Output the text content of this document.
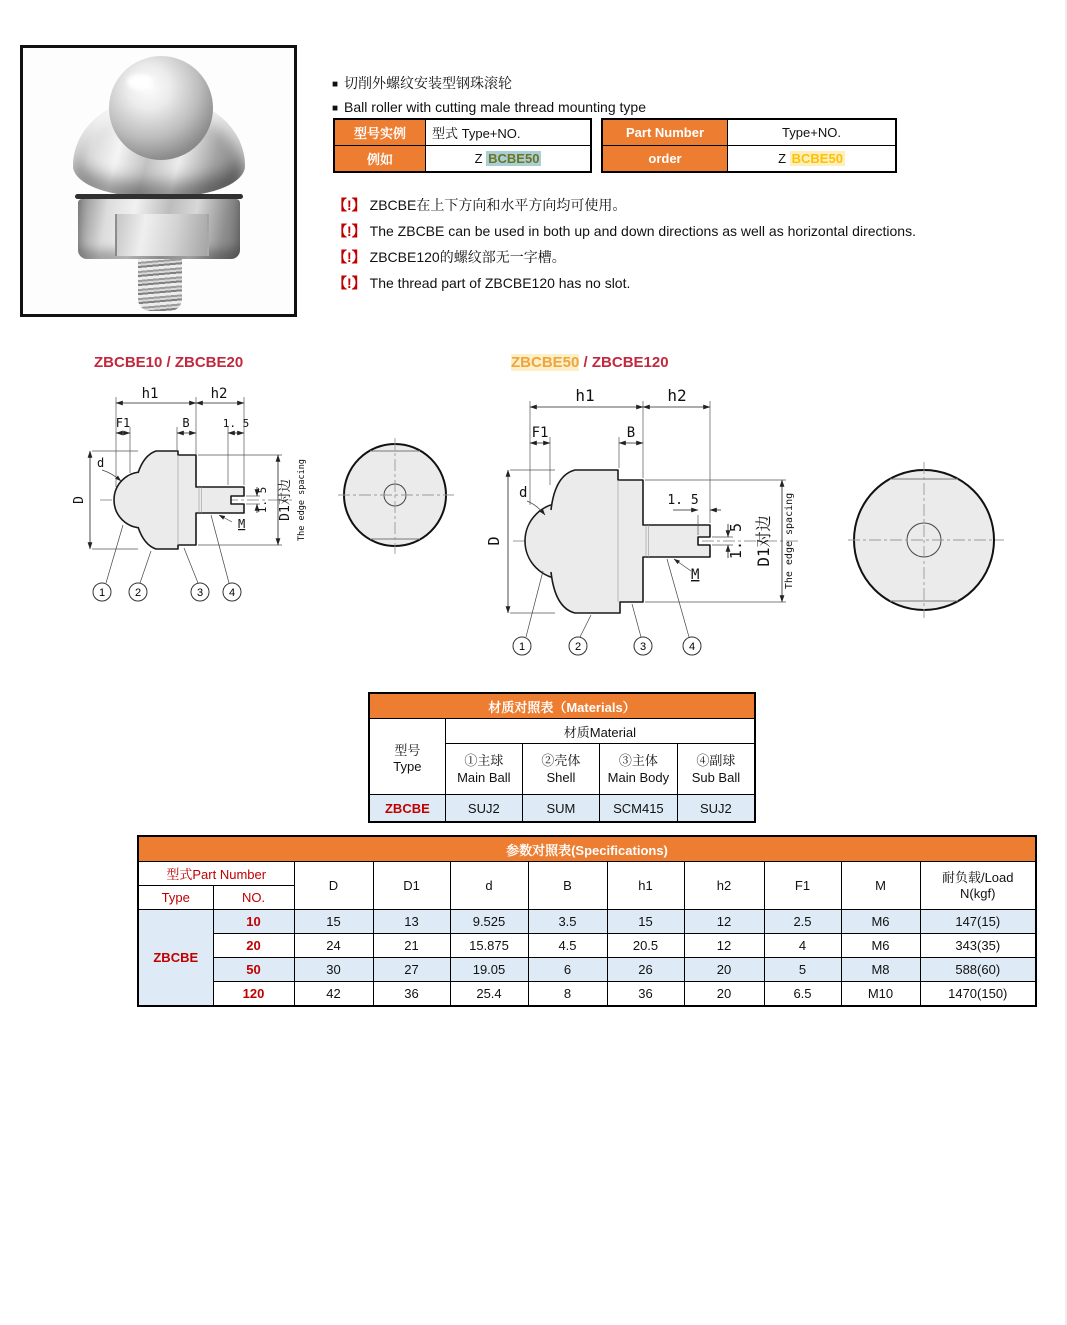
■ 切削外螺纹安装型钢珠滚轮
■ Ball roller with cutting male thread mounting type
型号实例	型式 Type+NO.
例如	Z BCBE50
Part Number	Type+NO.
order	Z BCBE50
【!】 ZBCBE在上下方向和水平方向均可使用。
【!】 The ZBCBE can be used in both up and down directions as well as horizontal directions.
【!】 ZBCBE120的螺纹部无一字槽。
【!】 The thread part of ZBCBE120 has no slot.
ZBCBE10 / ZBCBE20	ZBCBE50 / ZBCBE120
h1	h2
F1	B	1. 5
d
D	1. 5
M
D1对边 The edge spacing
1	2	3 4
h1	h2
F1	B
1. 5
d
D	1. 5
M
D1对边 The edge spacing
1	2	3	4
材质对照表（Materials）				

型号
Type	材质Material			

①主球
Main Ball

②壳体
Shell

③主体
Main Body

④副球
Sub Ball

ZBCBE	SUJ2	SUM	SCM415	SUJ2
参数对照表(Specifications)										
型式Part Number		D	D1	d	B	h1	h2	F1	M	耐负载/Load
N(kgf)

Type	NO.									
ZBCBE	10	15	13	9.525	3.5	15	12	2.5	M6	147(15)
	20	24	21	15.875	4.5	20.5	12	4	M6	343(35)
	50	30	27	19.05	6	26	20	5	M8	588(60)
	120	42	36	25.4	8	36	20	6.5	M10	1470(150)
